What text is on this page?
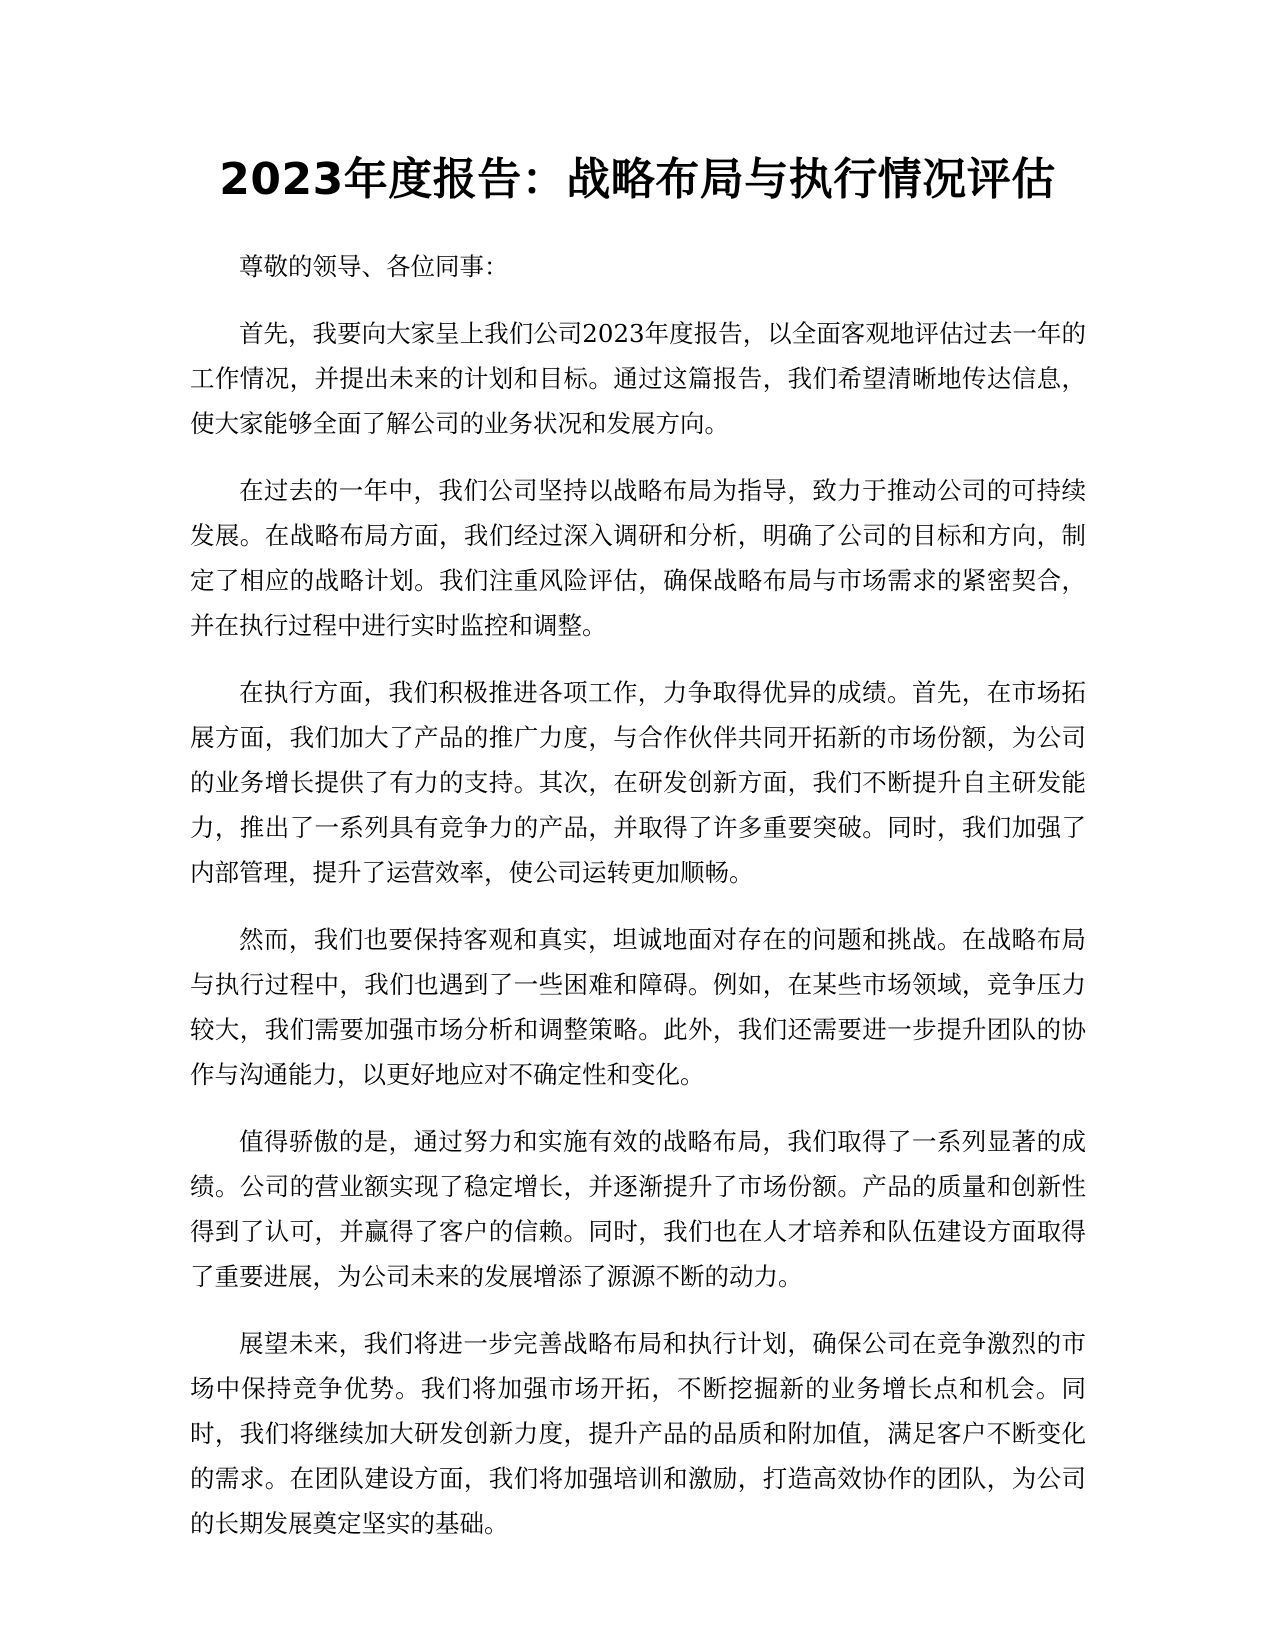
2023年度报告：战略布局与执行情况评估

尊敬的领导、各位同事：

首先，我要向大家呈上我们公司2023年度报告，以全面客观地评估过去一年的工作情况，并提出未来的计划和目标。通过这篇报告，我们希望清晰地传达信息，使大家能够全面了解公司的业务状况和发展方向。

在过去的一年中，我们公司坚持以战略布局为指导，致力于推动公司的可持续发展。在战略布局方面，我们经过深入调研和分析，明确了公司的目标和方向，制定了相应的战略计划。我们注重风险评估，确保战略布局与市场需求的紧密契合，并在执行过程中进行实时监控和调整。

在执行方面，我们积极推进各项工作，力争取得优异的成绩。首先，在市场拓展方面，我们加大了产品的推广力度，与合作伙伴共同开拓新的市场份额，为公司的业务增长提供了有力的支持。其次，在研发创新方面，我们不断提升自主研发能力，推出了一系列具有竞争力的产品，并取得了许多重要突破。同时，我们加强了内部管理，提升了运营效率，使公司运转更加顺畅。

然而，我们也要保持客观和真实，坦诚地面对存在的问题和挑战。在战略布局与执行过程中，我们也遇到了一些困难和障碍。例如，在某些市场领域，竞争压力较大，我们需要加强市场分析和调整策略。此外，我们还需要进一步提升团队的协作与沟通能力，以更好地应对不确定性和变化。

值得骄傲的是，通过努力和实施有效的战略布局，我们取得了一系列显著的成绩。公司的营业额实现了稳定增长，并逐渐提升了市场份额。产品的质量和创新性得到了认可，并赢得了客户的信赖。同时，我们也在人才培养和队伍建设方面取得了重要进展，为公司未来的发展增添了源源不断的动力。

展望未来，我们将进一步完善战略布局和执行计划，确保公司在竞争激烈的市场中保持竞争优势。我们将加强市场开拓，不断挖掘新的业务增长点和机会。同时，我们将继续加大研发创新力度，提升产品的品质和附加值，满足客户不断变化的需求。在团队建设方面，我们将加强培训和激励，打造高效协作的团队，为公司的长期发展奠定坚实的基础。
